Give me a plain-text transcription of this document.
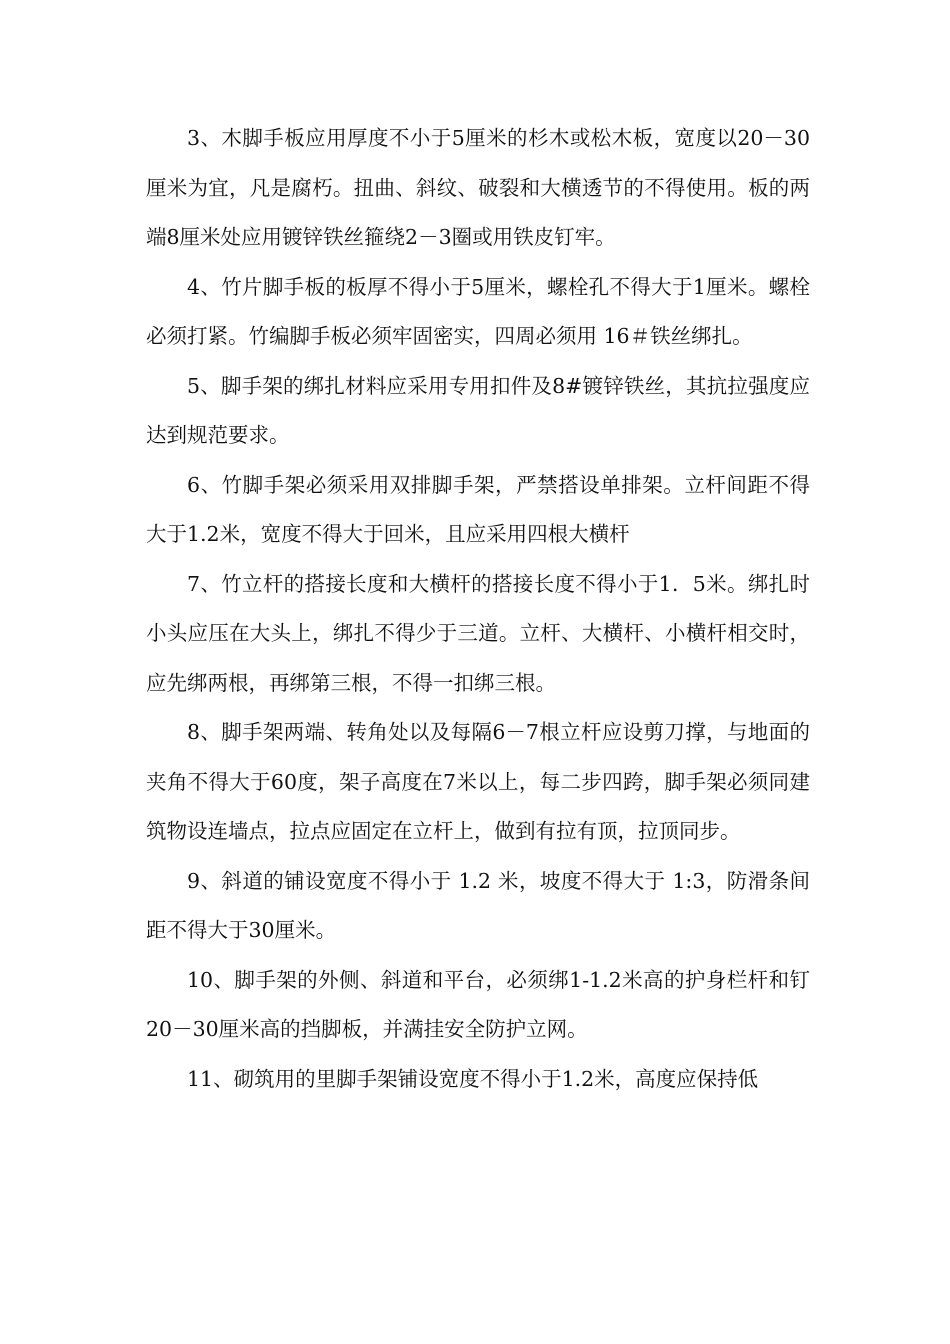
3、木脚手板应用厚度不小于5厘米的杉木或松木板，宽度以20－30 厘米为宜，凡是腐朽。扭曲、斜纹、破裂和大横透节的不得使用。板的两端8厘米处应用镀锌铁丝箍绕2－3圈或用铁皮钉牢。

4、竹片脚手板的板厚不得小于5厘米，螺栓孔不得大于1厘米。螺栓必须打紧。竹编脚手板必须牢固密实，四周必须用 16＃铁丝绑扎。

5、脚手架的绑扎材料应采用专用扣件及8#镀锌铁丝，其抗拉强度应达到规范要求。

6、竹脚手架必须采用双排脚手架，严禁搭设单排架。立杆间距不得大于1.2米，宽度不得大于回米，且应采用四根大横杆

7、竹立杆的搭接长度和大横杆的搭接长度不得小于1．5米。绑扎时小头应压在大头上，绑扎不得少于三道。立杆、大横杆、小横杆相交时，应先绑两根，再绑第三根，不得一扣绑三根。

8、脚手架两端、转角处以及每隔6－7根立杆应设剪刀撑，与地面的夹角不得大于60度，架子高度在7米以上，每二步四跨，脚手架必须同建筑物设连墙点，拉点应固定在立杆上，做到有拉有顶，拉顶同步。

9、斜道的铺设宽度不得小于 1.2 米，坡度不得大于 1:3，防滑条间距不得大于30厘米。

10、脚手架的外侧、斜道和平台，必须绑1-1.2米高的护身栏杆和钉20－30厘米高的挡脚板，并满挂安全防护立网。

11、砌筑用的里脚手架铺设宽度不得小于1.2米，高度应保持低
